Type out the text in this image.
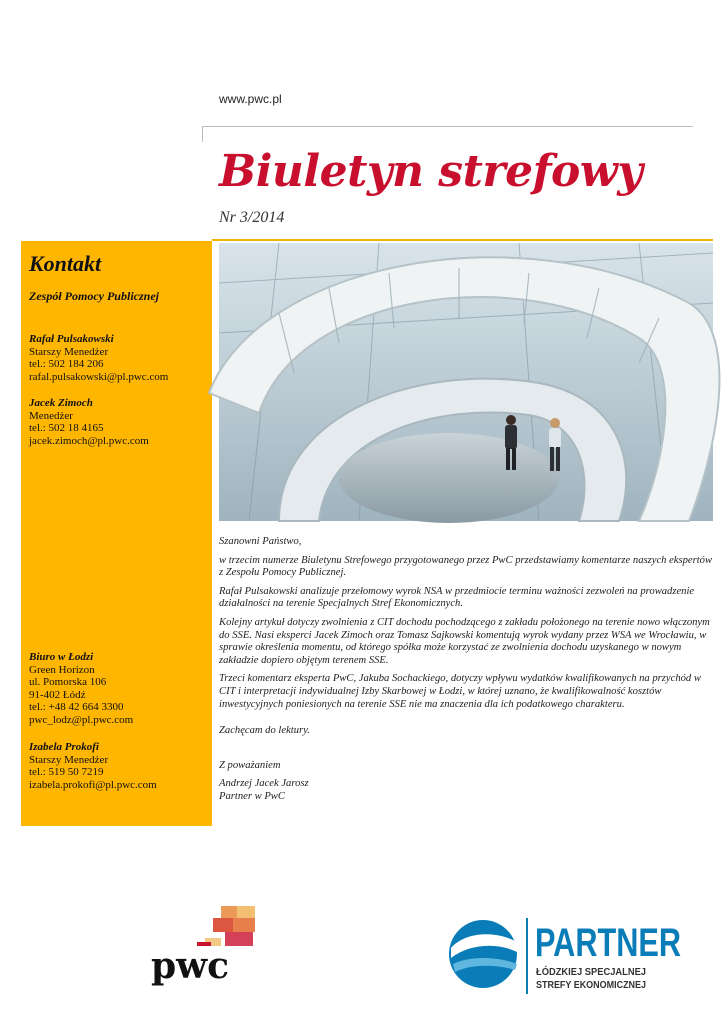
www.pwc.pl
Biuletyn strefowy
Nr 3/2014
Kontakt
Zespół Pomocy Publicznej
Rafał Pulsakowski
Starszy Menedżer
tel.: 502 184 206
rafal.pulsakowski@pl.pwc.com
Jacek Zimoch
Menedżer
tel.: 502 18 4165
jacek.zimoch@pl.pwc.com
Biuro w Łodzi
Green Horizon
ul. Pomorska 106
91-402 Łódź
tel.: +48 42 664 3300
pwc_lodz@pl.pwc.com
Izabela Prokofi
Starszy Menedżer
tel.: 519 50 7219
izabela.prokofi@pl.pwc.com

Szanowni Państwo,

w trzecim numerze Biuletynu Strefowego przygotowanego przez PwC przedstawiamy komentarze naszych ekspertów z Zespołu Pomocy Publicznej.

Rafał Pulsakowski analizuje przełomowy wyrok NSA w przedmiocie terminu ważności zezwoleń na prowadzenie działalności na terenie Specjalnych Stref Ekonomicznych.

Kolejny artykuł dotyczy zwolnienia z CIT dochodu pochodzącego z zakładu położonego na terenie nowo włączonym do SSE. Nasi eksperci Jacek Zimoch oraz Tomasz Sajkowski komentują wyrok wydany przez WSA we Wrocławiu, w sprawie określenia momentu, od którego spółka może korzystać ze zwolnienia dochodu uzyskanego w nowym zakładzie dopiero objętym terenem SSE.

Trzeci komentarz eksperta PwC, Jakuba Sochackiego, dotyczy wpływu wydatków kwalifikowanych na przychód w CIT i interpretacji indywidualnej Izby Skarbowej w Łodzi, w której uznano, że kwalifikowalność kosztów inwestycyjnych poniesionych na terenie SSE nie ma znaczenia dla ich podatkowego charakteru.

Zachęcam do lektury.

Z poważaniem

Andrzej Jacek Jarosz

Partner w PwC

pwc
PARTNER
ŁÓDZKIEJ SPECJALNEJ
STREFY EKONOMICZNEJ
